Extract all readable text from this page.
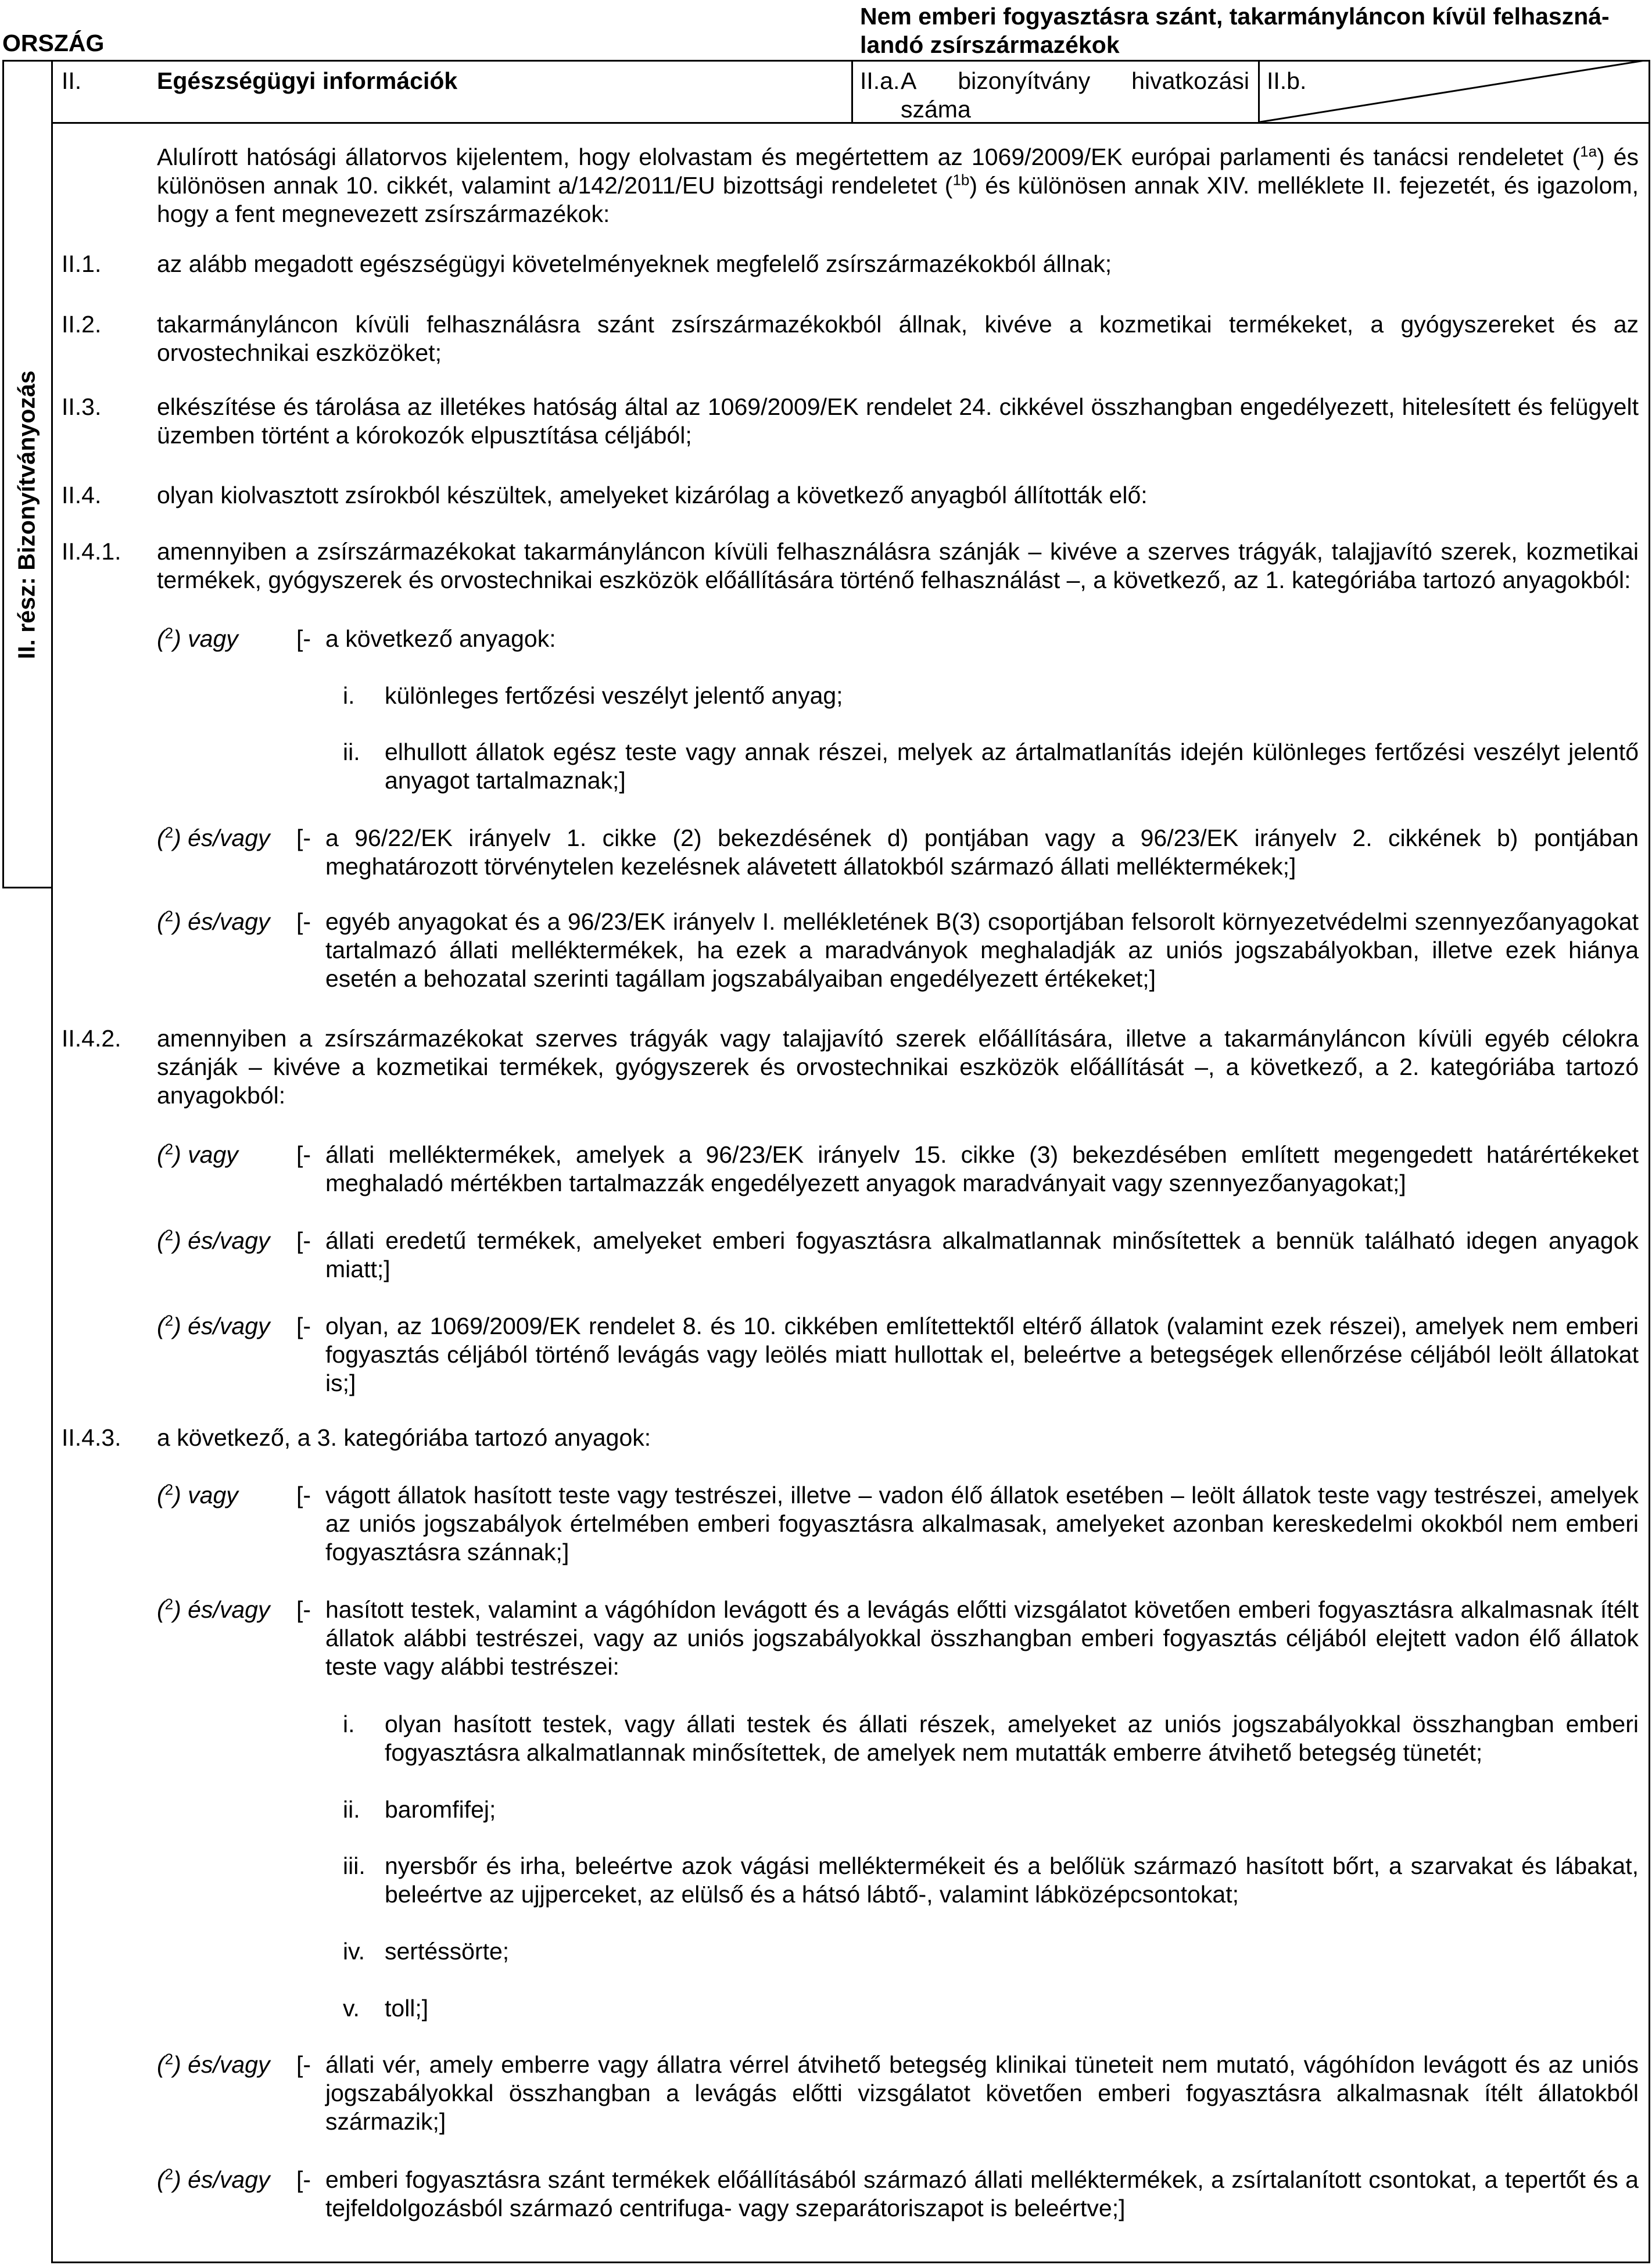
ORSZÁG
Nem emberi fogyasztásra szánt, takarmányláncon kívül felhaszná-
landó zsírszármazékok
II. rész: Bizonyítványozás
II.	Egészségügyi információk	II.a. A bizonyítvány hivatkozási
száma
II.b.
Alulírott hatósági állatorvos kijelentem, hogy elolvastam és megértettem az 1069/2009/EK európai parlamenti és tanácsi rendeletet ($^{1a}$) és különösen annak 10. cikkét, valamint a/142/2011/EU bizottsági rendeletet ($^{1b}$) és különösen annak XIV. melléklete II. fejezetét, és igazolom, hogy a fent megnevezett zsírszármazékok:
II.1. az alább megadott egészségügyi követelményeknek megfelelő zsírszármazékokból állnak;
II.2. takarmányláncon kívüli felhasználásra szánt zsírszármazékokból állnak, kivéve a kozmetikai termékeket, a gyógyszereket és az orvostechnikai eszközöket;
II.3. elkészítése és tárolása az illetékes hatóság által az 1069/2009/EK rendelet 24. cikkével összhangban engedélyezett, hitelesített és felügyelt üzemben történt a kórokozók elpusztítása céljából;
II.4. olyan kiolvasztott zsírokból készültek, amelyeket kizárólag a következő anyagból állították elő:
II.4.1. amennyiben a zsírszármazékokat takarmányláncon kívüli felhasználásra szánják – kivéve a szerves trágyák, talajjavító szerek, kozmetikai termékek, gyógyszerek és orvostechnikai eszközök előállítására történő felhasználást –, a következő, az 1. kategóriába tartozó anyagokból:
($^2$) vagy [- a következő anyagok:
i. különleges fertőzési veszélyt jelentő anyag;
ii. elhullott állatok egész teste vagy annak részei, melyek az ártalmatlanítás idején különleges fertőzési veszélyt jelentő anyagot tartalmaznak;]
($^2$) és/vagy [- a 96/22/EK irányelv 1. cikke (2) bekezdésének d) pontjában vagy a 96/23/EK irányelv 2. cikkének b) pontjában meghatározott törvénytelen kezelésnek alávetett állatokból származó állati melléktermékek;]
($^2$) és/vagy [- egyéb anyagokat és a 96/23/EK irányelv I. mellékletének B(3) csoportjában felsorolt környezetvédelmi szennyezőanyagokat tartalmazó állati melléktermékek, ha ezek a maradványok meghaladják az uniós jogszabályokban, illetve ezek hiánya esetén a behozatal szerinti tagállam jogszabályaiban engedélyezett értékeket;]
II.4.2. amennyiben a zsírszármazékokat szerves trágyák vagy talajjavító szerek előállítására, illetve a takarmányláncon kívüli egyéb célokra szánják – kivéve a kozmetikai termékek, gyógyszerek és orvostechnikai eszközök előállítását –, a következő, a 2. kategóriába tartozó anyagokból:
($^2$) vagy [- állati melléktermékek, amelyek a 96/23/EK irányelv 15. cikke (3) bekezdésében említett megengedett határértékeket meghaladó mértékben tartalmazzák engedélyezett anyagok maradványait vagy szennyezőanyagokat;]
($^2$) és/vagy [- állati eredetű termékek, amelyeket emberi fogyasztásra alkalmatlannak minősítettek a bennük található idegen anyagok miatt;]
($^2$) és/vagy [- olyan, az 1069/2009/EK rendelet 8. és 10. cikkében említettektől eltérő állatok (valamint ezek részei), amelyek nem emberi fogyasztás céljából történő levágás vagy leölés miatt hullottak el, beleértve a betegségek ellenőrzése céljából leölt állatokat is;]
II.4.3. a következő, a 3. kategóriába tartozó anyagok:
($^2$) vagy [- vágott állatok hasított teste vagy testrészei, illetve – vadon élő állatok esetében – leölt állatok teste vagy testrészei, amelyek az uniós jogszabályok értelmében emberi fogyasztásra alkalmasak, amelyeket azonban kereskedelmi okokból nem emberi fogyasztásra szánnak;]
($^2$) és/vagy [- hasított testek, valamint a vágóhídon levágott és a levágás előtti vizsgálatot követően emberi fogyasztásra alkalmasnak ítélt állatok alábbi testrészei, vagy az uniós jogszabályokkal összhangban emberi fogyasztás céljából elejtett vadon élő állatok teste vagy alábbi testrészei:
i. olyan hasított testek, vagy állati testek és állati részek, amelyeket az uniós jogszabályokkal összhangban emberi fogyasztásra alkalmatlannak minősítettek, de amelyek nem mutatták emberre átvihető betegség tünetét;
ii. baromfifej;
iii. nyersbőr és irha, beleértve azok vágási melléktermékeit és a belőlük származó hasított bőrt, a szarvakat és lábakat, beleértve az ujjperceket, az elülső és a hátsó lábtő-, valamint lábközépcsontokat;
iv. sertéssörte;
v. toll;]
($^2$) és/vagy [- állati vér, amely emberre vagy állatra vérrel átvihető betegség klinikai tüneteit nem mutató, vágóhídon levágott és az uniós jogszabályokkal összhangban a levágás előtti vizsgálatot követően emberi fogyasztásra alkalmasnak ítélt állatokból származik;]
($^2$) és/vagy [- emberi fogyasztásra szánt termékek előállításából származó állati melléktermékek, a zsírtalanított csontokat, a tepertőt és a tejfeldolgozásból származó centrifuga- vagy szeparátoriszapot is beleértve;]
